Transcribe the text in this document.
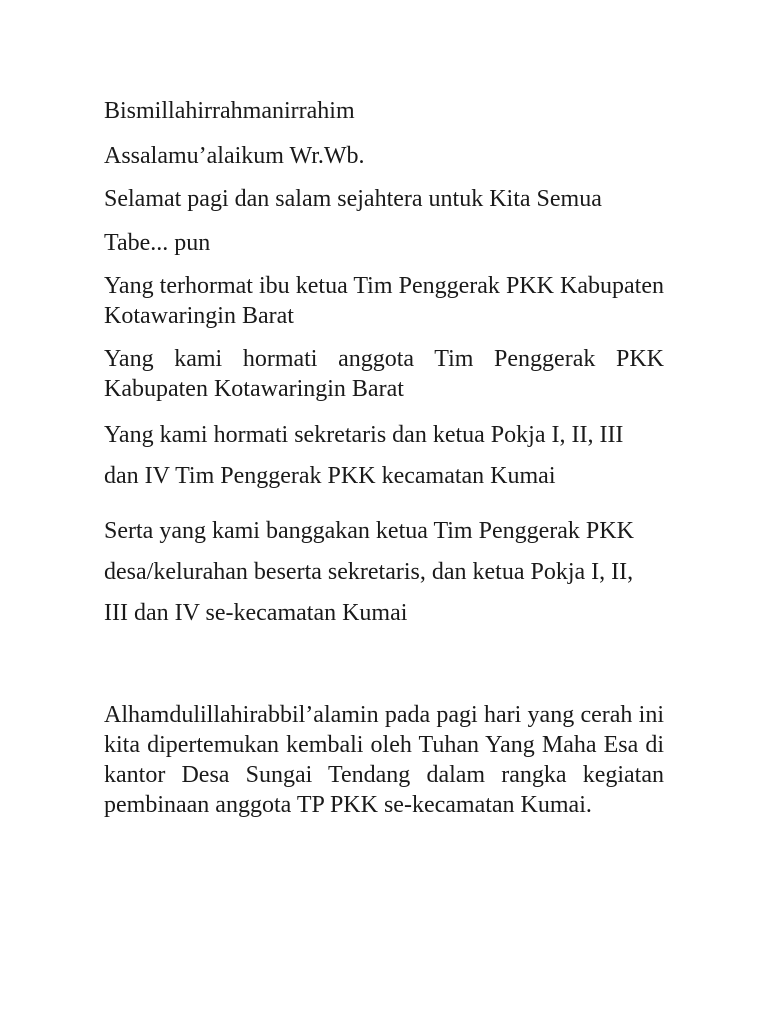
Bismillahirrahmanirrahim

Assalamu’alaikum Wr.Wb.

Selamat pagi dan salam sejahtera untuk Kita Semua

Tabe... pun

Yang terhormat ibu ketua Tim Penggerak PKK Kabupaten Kotawaringin Barat

Yang kami hormati anggota Tim Penggerak PKK Kabupaten Kotawaringin Barat

Yang kami hormati sekretaris dan ketua Pokja I, II, III

dan IV Tim Penggerak PKK kecamatan Kumai

Serta yang kami banggakan ketua Tim Penggerak PKK

desa/kelurahan beserta sekretaris, dan ketua Pokja I, II,

III dan IV se-kecamatan Kumai

Alhamdulillahirabbil’alamin pada pagi hari yang cerah ini kita dipertemukan kembali oleh Tuhan Yang Maha Esa di kantor Desa Sungai Tendang dalam rangka kegiatan pembinaan anggota TP PKK se-kecamatan Kumai.
